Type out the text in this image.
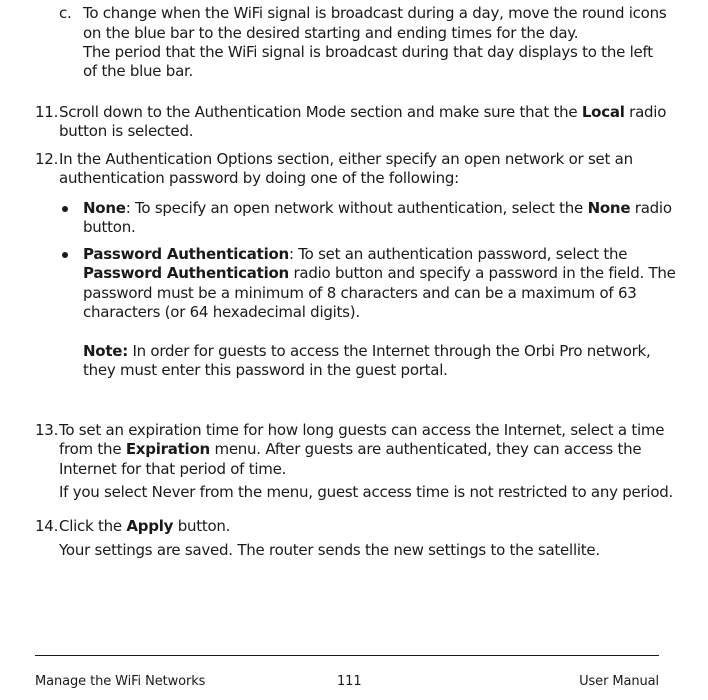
c. To change when the WiFi signal is broadcast during a day, move the round icons
on the blue bar to the desired starting and ending times for the day.
The period that the WiFi signal is broadcast during that day displays to the left
of the blue bar.
11. Scroll down to the Authentication Mode section and make sure that the Local radio
button is selected.
12. In the Authentication Options section, either specify an open network or set an
authentication password by doing one of the following:
None: To specify an open network without authentication, select the None radio
button.
Password Authentication: To set an authentication password, select the
Password Authentication radio button and specify a password in the field. The
password must be a minimum of 8 characters and can be a maximum of 63
characters (or 64 hexadecimal digits).
Note: In order for guests to access the Internet through the Orbi Pro network,
they must enter this password in the guest portal.
13. To set an expiration time for how long guests can access the Internet, select a time
from the Expiration menu. After guests are authenticated, they can access the
Internet for that period of time.
If you select Never from the menu, guest access time is not restricted to any period.
14. Click the Apply button.
Your settings are saved. The router sends the new settings to the satellite.
Manage the WiFi Networks	111	User Manual
